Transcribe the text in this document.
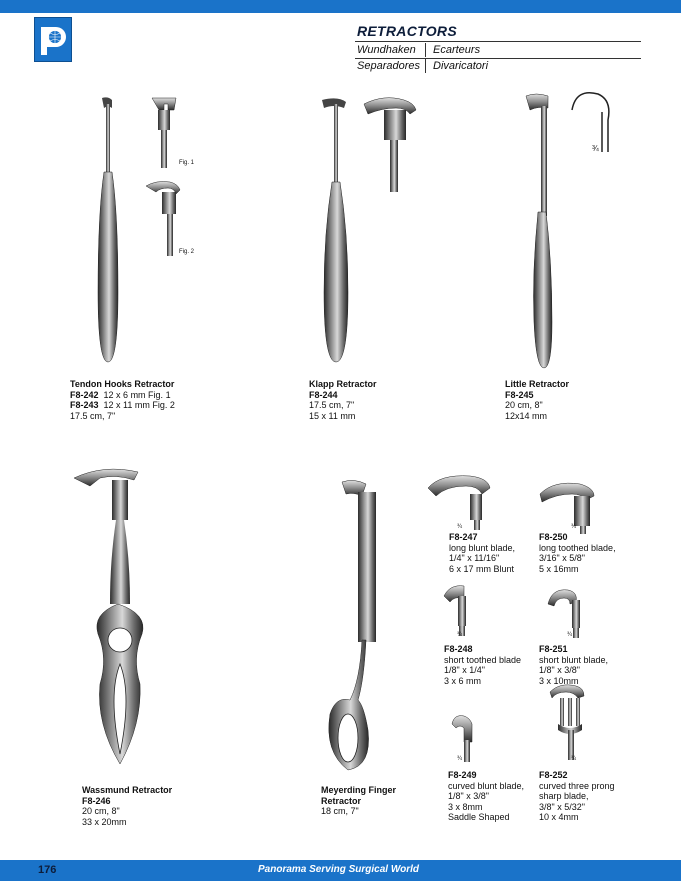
RETRACTORS
Wundhaken Ecarteurs
Separadores Divaricatori
Fig. 1
Fig. 2
¾
¾	¾
¾	¾
¾	¾
Tendon Hooks Retractor
F8-242 12 x 6 mm Fig. 1
F8-243 12 x 11 mm Fig. 2
17.5 cm, 7"
Klapp Retractor
F8-244
17.5 cm, 7"
15 x 11 mm
Little Retractor
F8-245
20 cm, 8"
12x14 mm
Wassmund Retractor
F8-246
20 cm, 8"
33 x 20mm
Meyerding Finger
Retractor
18 cm, 7"
F8-247
long blunt blade,
1/4" x 11/16"
6 x 17 mm Blunt
F8-250
long toothed blade,
3/16" x 5/8"
5 x 16mm
F8-248
short toothed blade
1/8" x 1/4"
3 x 6 mm
F8-251
short blunt blade,
1/8" x 3/8"
3 x 10mm
F8-249
curved blunt blade,
1/8" x 3/8"
3 x 8mm
Saddle Shaped
F8-252
curved three prong
sharp blade,
3/8" x 5/32"
10 x 4mm
176	Panorama Serving Surgical World
